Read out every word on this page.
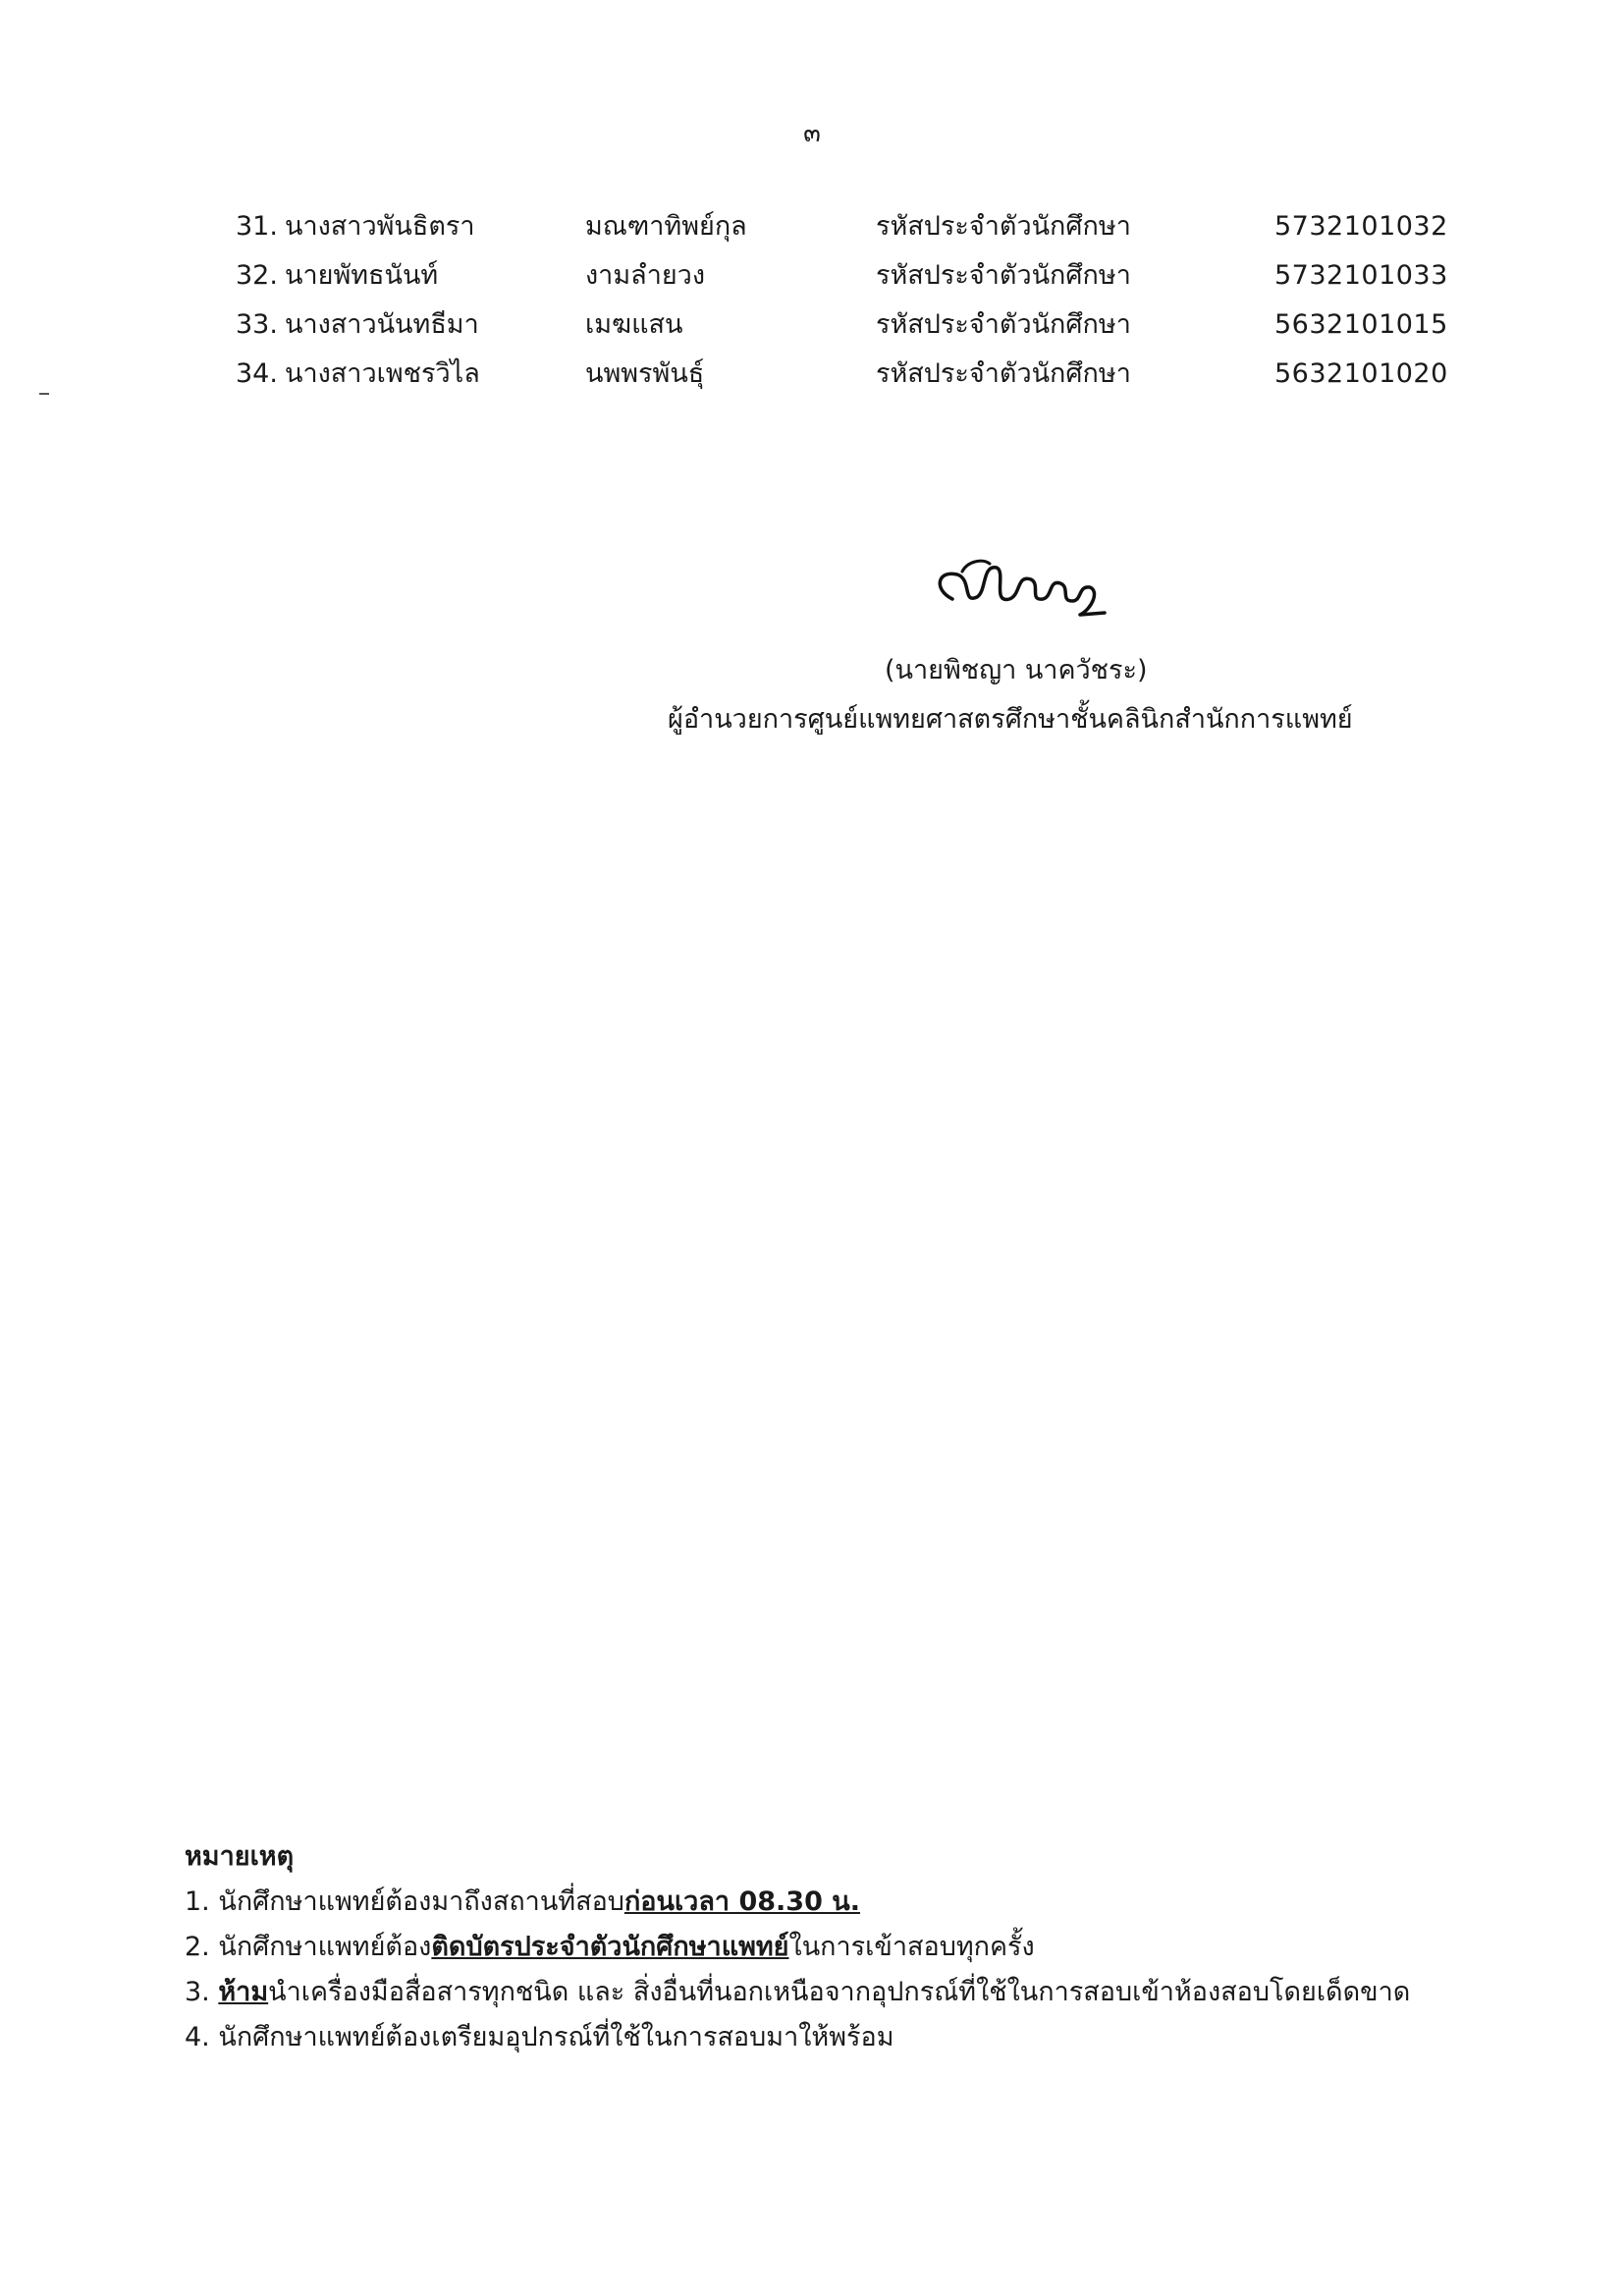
๓
31. นางสาวพันธิตรา	มณฑาทิพย์กุล	รหัสประจำตัวนักศึกษา	5732101032
32. นายพัทธนันท์	งามลำยวง	รหัสประจำตัวนักศึกษา	5732101033
33. นางสาวนันทธีมา	เมฆแสน	รหัสประจำตัวนักศึกษา	5632101015
34. นางสาวเพชรวิไล	นพพรพันธุ์	รหัสประจำตัวนักศึกษา	5632101020
(นายพิชญา นาควัชระ)
ผู้อำนวยการศูนย์แพทยศาสตรศึกษาชั้นคลินิกสำนักการแพทย์
หมายเหตุ
1. นักศึกษาแพทย์ต้องมาถึงสถานที่สอบก่อนเวลา 08.30 น.
2. นักศึกษาแพทย์ต้องติดบัตรประจำตัวนักศึกษาแพทย์ในการเข้าสอบทุกครั้ง
3. ห้ามนำเครื่องมือสื่อสารทุกชนิด และ สิ่งอื่นที่นอกเหนือจากอุปกรณ์ที่ใช้ในการสอบเข้าห้องสอบโดยเด็ดขาด
4. นักศึกษาแพทย์ต้องเตรียมอุปกรณ์ที่ใช้ในการสอบมาให้พร้อม
